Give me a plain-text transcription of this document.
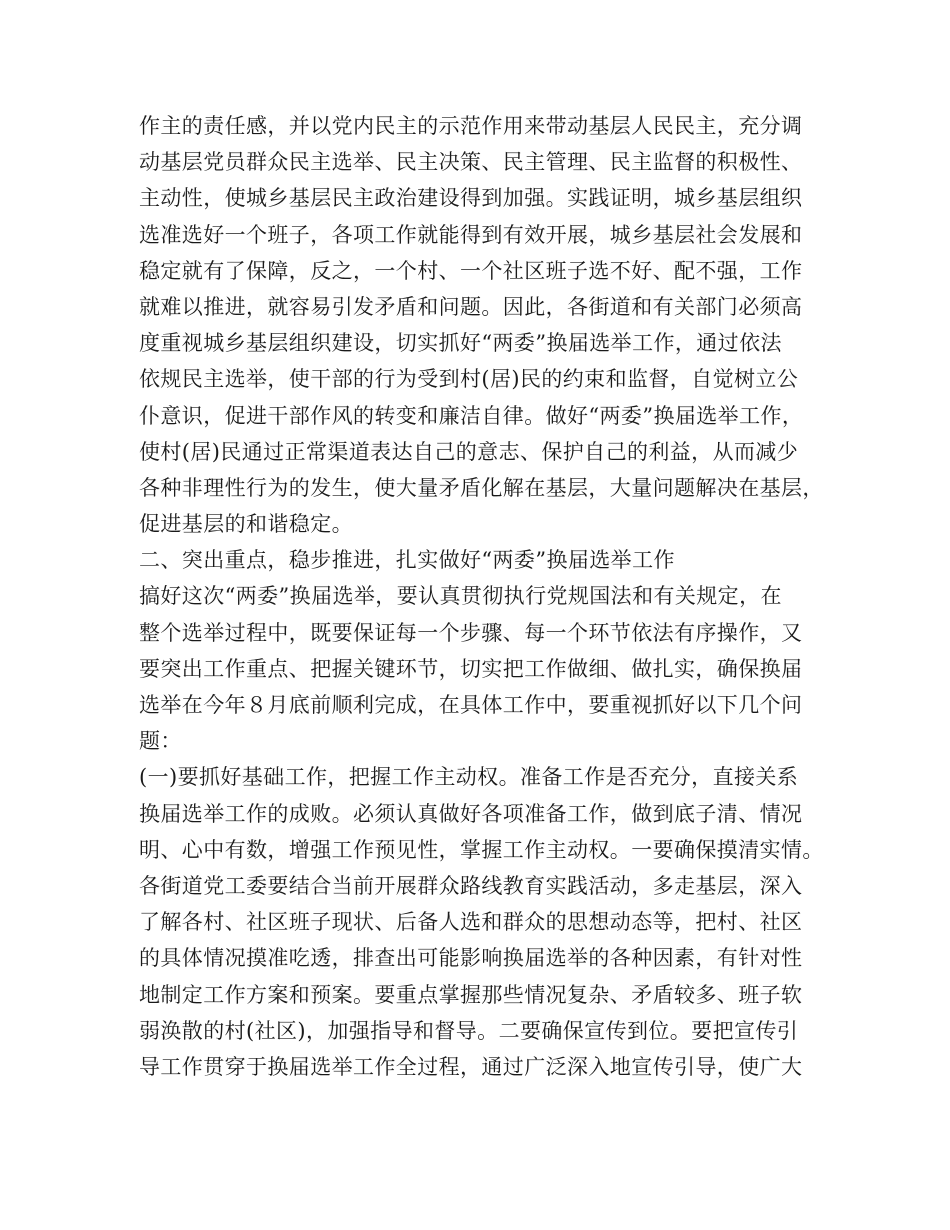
作主的责任感，并以党内民主的示范作用来带动基层人民民主，充分调
动基层党员群众民主选举、民主决策、民主管理、民主监督的积极性、
主动性，使城乡基层民主政治建设得到加强。实践证明，城乡基层组织
选准选好一个班子，各项工作就能得到有效开展，城乡基层社会发展和
稳定就有了保障，反之，一个村、一个社区班子选不好、配不强，工作
就难以推进，就容易引发矛盾和问题。因此，各街道和有关部门必须高
度重视城乡基层组织建设，切实抓好“两委”换届选举工作，通过依法
依规民主选举，使干部的行为受到村(居)民的约束和监督，自觉树立公
仆意识，促进干部作风的转变和廉洁自律。做好“两委”换届选举工作，
使村(居)民通过正常渠道表达自己的意志、保护自己的利益，从而减少
各种非理性行为的发生，使大量矛盾化解在基层，大量问题解决在基层，
促进基层的和谐稳定。
二、突出重点，稳步推进，扎实做好“两委”换届选举工作
搞好这次“两委”换届选举，要认真贯彻执行党规国法和有关规定，在
整个选举过程中，既要保证每一个步骤、每一个环节依法有序操作，又
要突出工作重点、把握关键环节，切实把工作做细、做扎实，确保换届
选举在今年８月底前顺利完成，在具体工作中，要重视抓好以下几个问
题：
(一)要抓好基础工作，把握工作主动权。准备工作是否充分，直接关系
换届选举工作的成败。必须认真做好各项准备工作，做到底子清、情况
明、心中有数，增强工作预见性，掌握工作主动权。一要确保摸清实情。
各街道党工委要结合当前开展群众路线教育实践活动，多走基层，深入
了解各村、社区班子现状、后备人选和群众的思想动态等，把村、社区
的具体情况摸准吃透，排查出可能影响换届选举的各种因素，有针对性
地制定工作方案和预案。要重点掌握那些情况复杂、矛盾较多、班子软
弱涣散的村(社区)，加强指导和督导。二要确保宣传到位。要把宣传引
导工作贯穿于换届选举工作全过程，通过广泛深入地宣传引导，使广大
